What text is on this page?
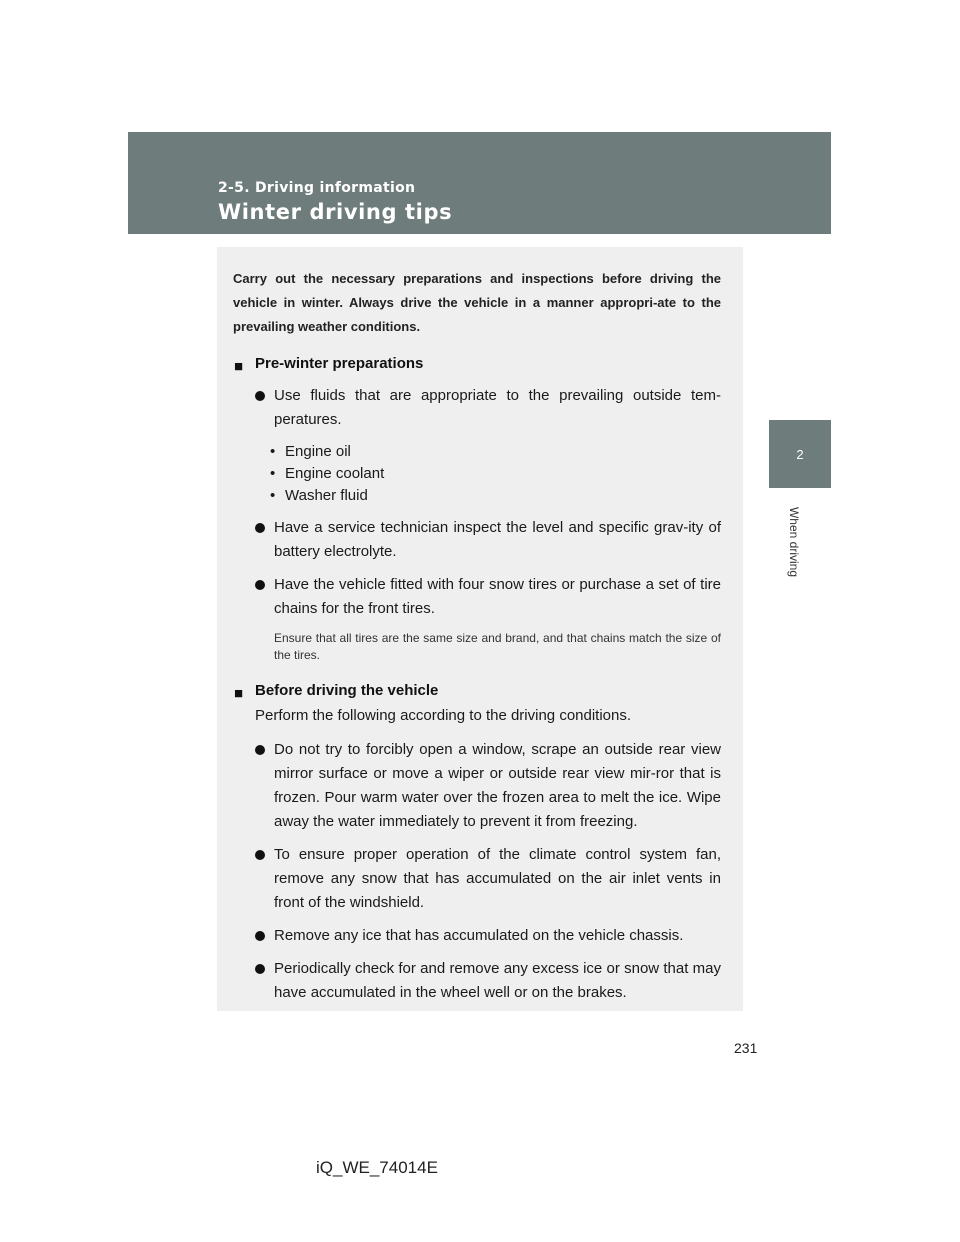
2-5. Driving information
Winter driving tips
2
When driving

Carry out the necessary preparations and inspections before driving the vehicle in winter. Always drive the vehicle in a manner appropri-ate to the prevailing weather conditions.

■ Pre-winter preparations
Use fluids that are appropriate to the prevailing outside tem-peratures.
• Engine oil
• Engine coolant
• Washer fluid
Have a service technician inspect the level and specific grav-ity of battery electrolyte.
Have the vehicle fitted with four snow tires or purchase a set of tire chains for the front tires.

Ensure that all tires are the same size and brand, and that chains match the size of the tires.

■ Before driving the vehicle

Perform the following according to the driving conditions.

Do not try to forcibly open a window, scrape an outside rear view mirror surface or move a wiper or outside rear view mir-ror that is frozen. Pour warm water over the frozen area to melt the ice. Wipe away the water immediately to prevent it from freezing.
To ensure proper operation of the climate control system fan, remove any snow that has accumulated on the air inlet vents in front of the windshield.
Remove any ice that has accumulated on the vehicle chassis.
Periodically check for and remove any excess ice or snow that may have accumulated in the wheel well or on the brakes.
231
iQ_WE_74014E
